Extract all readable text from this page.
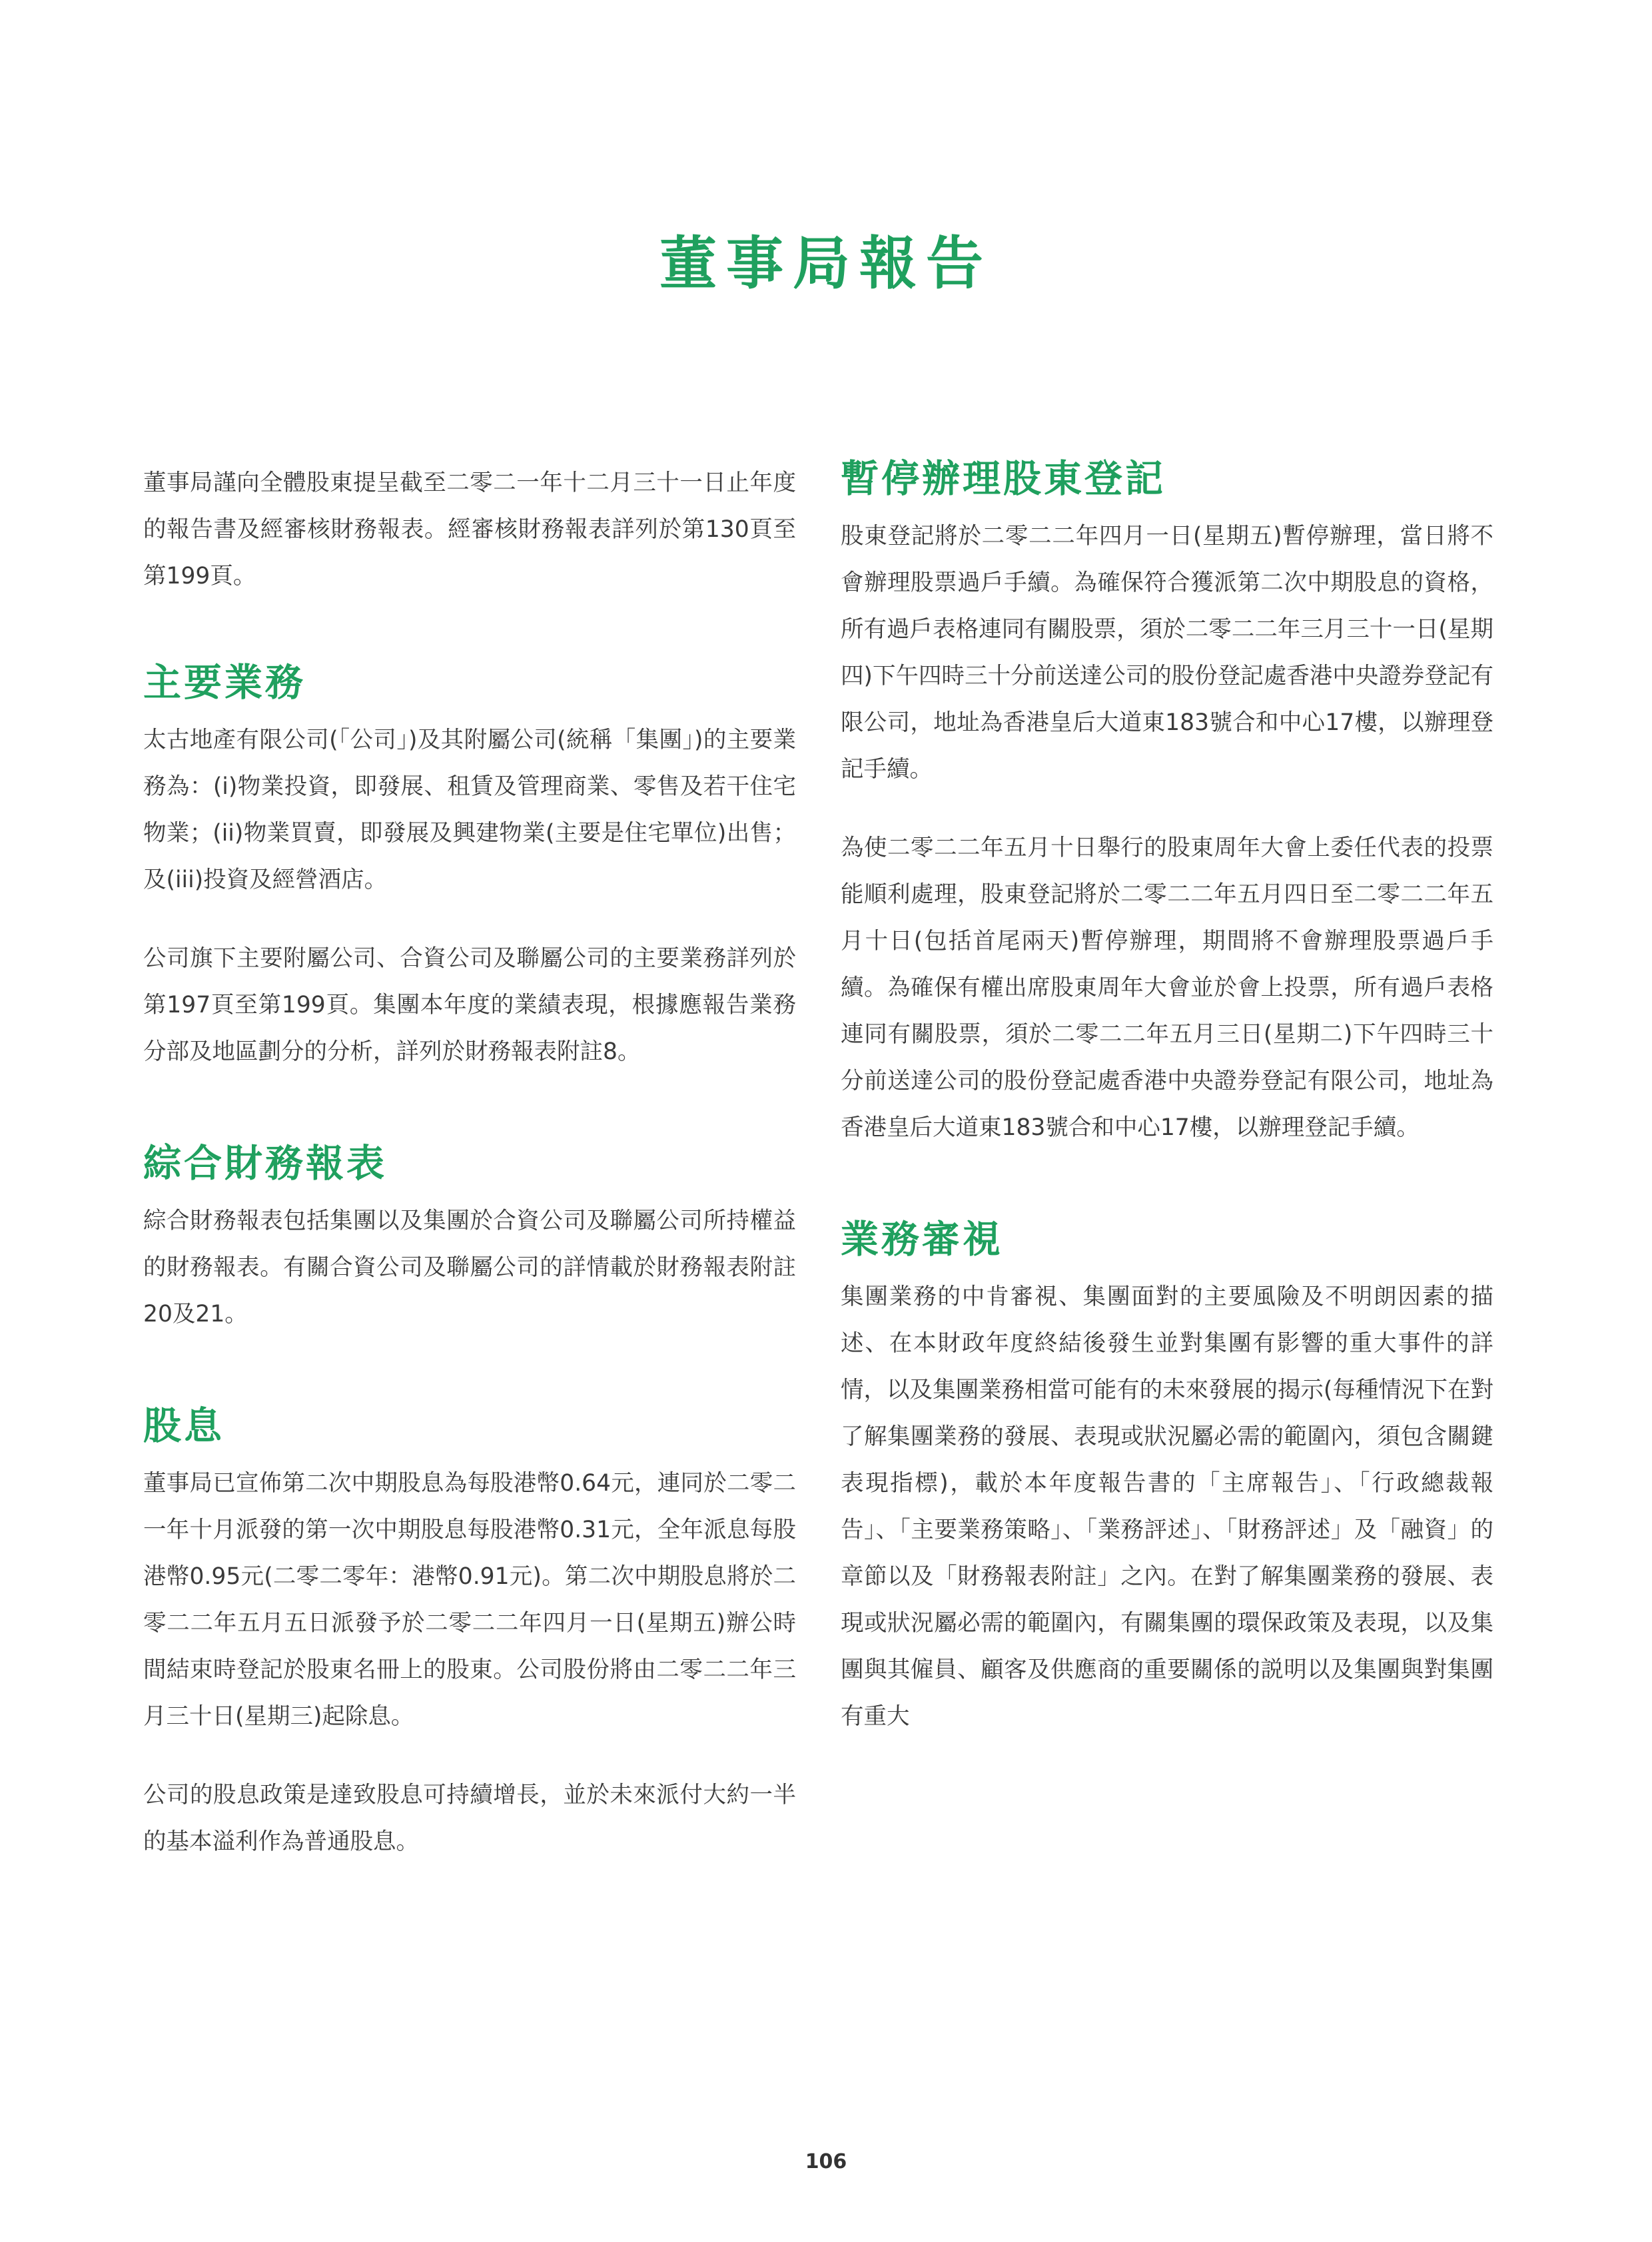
董事局報告

董事局謹向全體股東提呈截至二零二一年十二月三十一日止年度的報告書及經審核財務報表。經審核財務報表詳列於第130頁至第199頁。

主要業務

太古地產有限公司(「公司」)及其附屬公司(統稱「集團」)的主要業務為：(i)物業投資，即發展、租賃及管理商業、零售及若干住宅物業；(ii)物業買賣，即發展及興建物業(主要是住宅單位)出售；及(iii)投資及經營酒店。

公司旗下主要附屬公司、合資公司及聯屬公司的主要業務詳列於第197頁至第199頁。集團本年度的業績表現，根據應報告業務分部及地區劃分的分析，詳列於財務報表附註8。

綜合財務報表

綜合財務報表包括集團以及集團於合資公司及聯屬公司所持權益的財務報表。有關合資公司及聯屬公司的詳情載於財務報表附註20及21。

股息

董事局已宣佈第二次中期股息為每股港幣0.64元，連同於二零二一年十月派發的第一次中期股息每股港幣0.31元，全年派息每股港幣0.95元(二零二零年：港幣0.91元)。第二次中期股息將於二零二二年五月五日派發予於二零二二年四月一日(星期五)辦公時間結束時登記於股東名冊上的股東。公司股份將由二零二二年三月三十日(星期三)起除息。

公司的股息政策是達致股息可持續增長，並於未來派付大約一半的基本溢利作為普通股息。

暫停辦理股東登記

股東登記將於二零二二年四月一日(星期五)暫停辦理，當日將不會辦理股票過戶手續。為確保符合獲派第二次中期股息的資格，所有過戶表格連同有關股票，須於二零二二年三月三十一日(星期四)下午四時三十分前送達公司的股份登記處香港中央證券登記有限公司，地址為香港皇后大道東183號合和中心17樓，以辦理登記手續。

為使二零二二年五月十日舉行的股東周年大會上委任代表的投票能順利處理，股東登記將於二零二二年五月四日至二零二二年五月十日(包括首尾兩天)暫停辦理，期間將不會辦理股票過戶手續。為確保有權出席股東周年大會並於會上投票，所有過戶表格連同有關股票，須於二零二二年五月三日(星期二)下午四時三十分前送達公司的股份登記處香港中央證券登記有限公司，地址為香港皇后大道東183號合和中心17樓，以辦理登記手續。

業務審視

集團業務的中肯審視、集團面對的主要風險及不明朗因素的描述、在本財政年度終結後發生並對集團有影響的重大事件的詳情，以及集團業務相當可能有的未來發展的揭示(每種情況下在對了解集團業務的發展、表現或狀況屬必需的範圍內，須包含關鍵表現指標)，載於本年度報告書的「主席報告」、「行政總裁報告」、「主要業務策略」、「業務評述」、「財務評述」及「融資」的章節以及「財務報表附註」之內。在對了解集團業務的發展、表現或狀況屬必需的範圍內，有關集團的環保政策及表現，以及集團與其僱員、顧客及供應商的重要關係的説明以及集團與對集團有重大

106
